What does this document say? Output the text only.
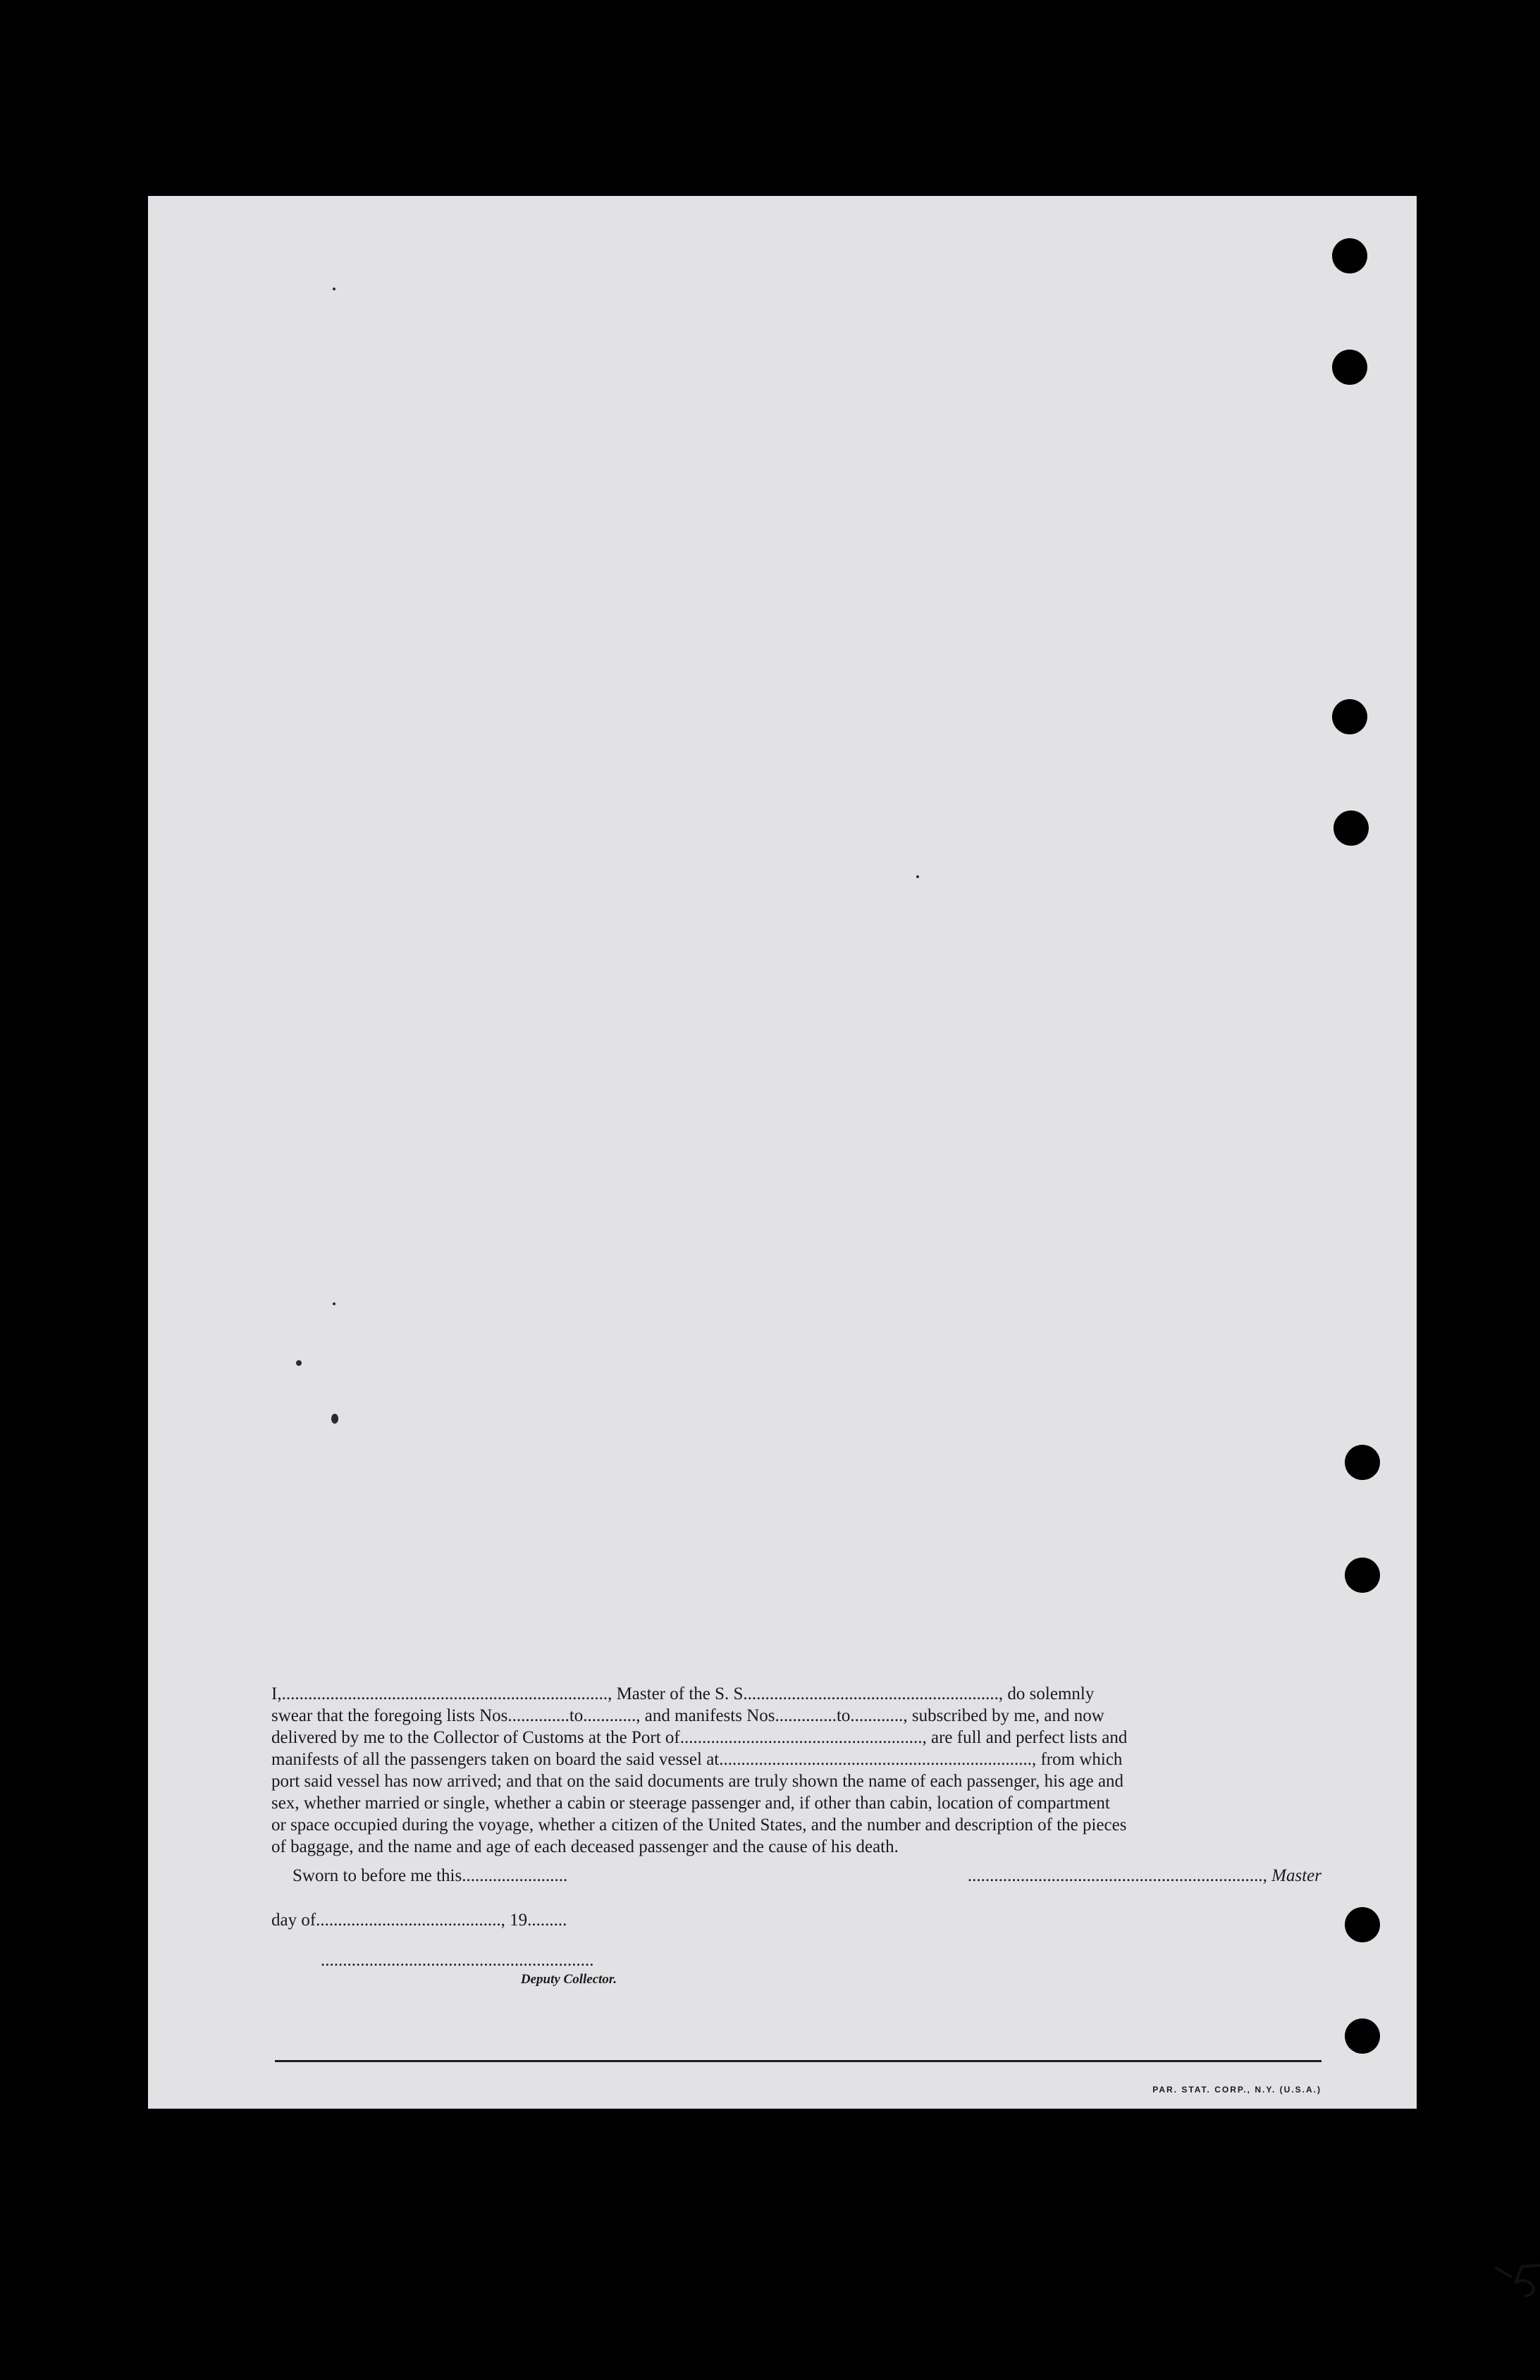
I,.........................................................................., Master of the S. S.........................................................., do solemnly

swear that the foregoing lists Nos..............to............, and manifests Nos..............to............, subscribed by me, and now

delivered by me to the Collector of Customs at the Port of......................................................., are full and perfect lists and

manifests of all the passengers taken on board the said vessel at......................................................................., from which

port said vessel has now arrived; and that on the said documents are truly shown the name of each passenger, his age and

sex, whether married or single, whether a cabin or steerage passenger and, if other than cabin, location of compartment

or space occupied during the voyage, whether a citizen of the United States, and the number and description of the pieces

of baggage, and the name and age of each deceased passenger and the cause of his death.

Sworn to before me this........................	..................................................................., Master
day of.........................................., 19.........
..............................................................
Deputy Collector.
PAR. STAT. CORP., N.Y. (U.S.A.)
